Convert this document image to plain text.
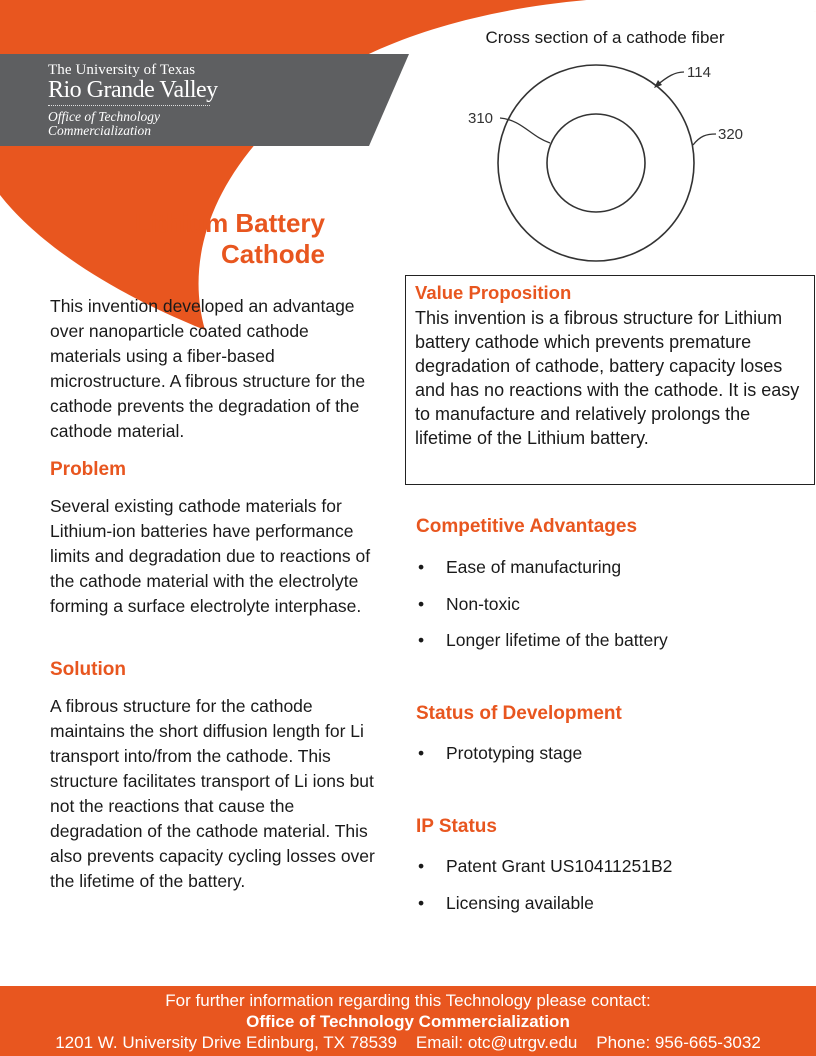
The University of Texas
Rio Grande Valley
Office of Technology
Commercialization
Lithium Battery
Cathode
Cross section of a cathode fiber
114
310
320
This invention developed an advantage over nanoparticle coated cathode materials using a fiber-based microstructure. A fibrous structure for the cathode prevents the degradation of the cathode material.
Problem
Several existing cathode materials for Lithium-ion batteries have performance limits and degradation due to reactions of the cathode material with the electrolyte forming a surface electrolyte interphase.
Solution
A fibrous structure for the cathode maintains the short diffusion length for Li transport into/from the cathode. This structure facilitates transport of Li ions but not the reactions that cause the degradation of the cathode material. This also prevents capacity cycling losses over the lifetime of the battery.
Value Proposition

This invention is a fibrous structure for Lithium battery cathode which prevents premature degradation of cathode, battery capacity loses and has no reactions with the cathode. It is easy to manufacture and relatively prolongs the lifetime of the Lithium battery.

Competitive Advantages
• Ease of manufacturing
• Non-toxic
• Longer lifetime of the battery
Status of Development
• Prototyping stage
IP Status
• Patent Grant US10411251B2
• Licensing available
For further information regarding this Technology please contact:
Office of Technology Commercialization
1201 W. University Drive Edinburg, TX 78539 Email: otc@utrgv.edu Phone: 956-665-3032
